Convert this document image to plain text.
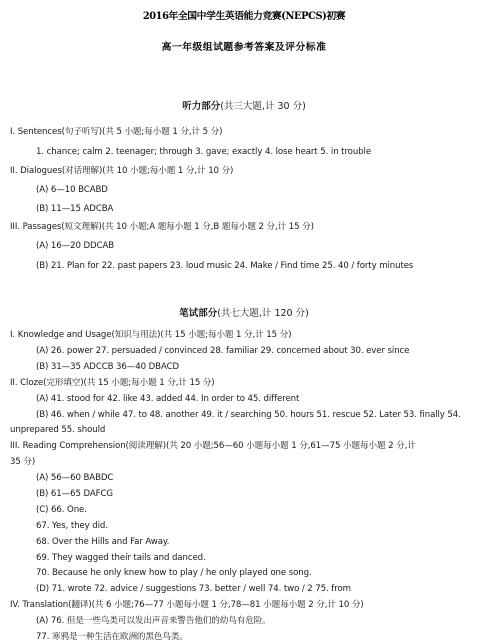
2016年全国中学生英语能力竞赛(NEPCS)初赛
高一年级组试题参考答案及评分标准
听力部分(共三大题,计 30 分)
I. Sentences(句子听写)(共 5 小题;每小题 1 分,计 5 分)
1. chance; calm 2. teenager; through 3. gave; exactly 4. lose heart 5. in trouble
II. Dialogues(对话理解)(共 10 小题;每小题 1 分,计 10 分)
(A) 6—10 BCABD
(B) 11—15 ADCBA
III. Passages(短文理解)(共 10 小题;A 题每小题 1 分,B 题每小题 2 分,计 15 分)
(A) 16—20 DDCAB
(B) 21. Plan for 22. past papers 23. loud music 24. Make / Find time 25. 40 / forty minutes
笔试部分(共七大题,计 120 分)
I. Knowledge and Usage(知识与用法)(共 15 小题;每小题 1 分,计 15 分)
(A) 26. power 27. persuaded / convinced 28. familiar 29. concerned about 30. ever since
(B) 31—35 ADCCB 36—40 DBACD
II. Cloze(完形填空)(共 15 小题;每小题 1 分,计 15 分)
(A) 41. stood for 42. like 43. added 44. In order to 45. different
(B) 46. when / while 47. to 48. another 49. it / searching 50. hours 51. rescue 52. Later 53. finally 54.
unprepared 55. should
III. Reading Comprehension(阅读理解)(共 20 小题;56—60 小题每小题 1 分,61—75 小题每小题 2 分,计
35 分)
(A) 56—60 BABDC
(B) 61—65 DAFCG
(C) 66. One.
67. Yes, they did.
68. Over the Hills and Far Away.
69. They wagged their tails and danced.
70. Because he only knew how to play / he only played one song.
(D) 71. wrote 72. advice / suggestions 73. better / well 74. two / 2 75. from
IV. Translation(翻译)(共 6 小题;76—77 小题每小题 1 分,78—81 小题每小题 2 分,计 10 分)
(A) 76. 但是一些鸟类可以发出声音来警告他们的幼鸟有危险。
77. 寒鸦是一种生活在欧洲的黑色鸟类。
